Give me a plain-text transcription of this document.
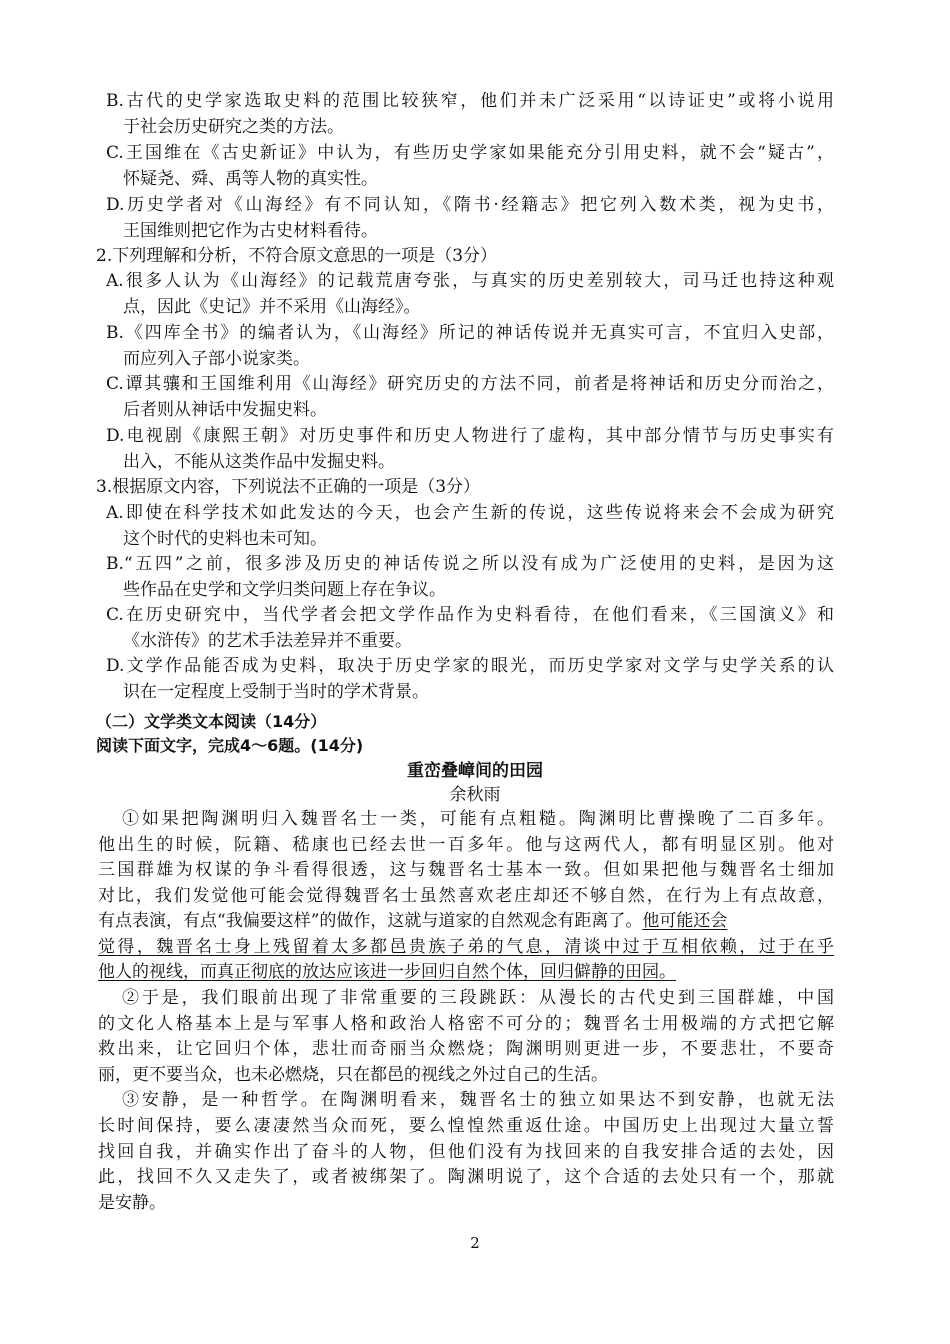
B.古代的史学家选取史料的范围比较狭窄，他们并未广泛采用“以诗证史”或将小说用
于社会历史研究之类的方法。
C.王国维在《古史新证》中认为，有些历史学家如果能充分引用史料，就不会“疑古”，
怀疑尧、舜、禹等人物的真实性。
D.历史学者对《山海经》有不同认知，《隋书·经籍志》把它列入数术类，视为史书，
王国维则把它作为古史材料看待。
2.下列理解和分析，不符合原文意思的一项是（3分）
A.很多人认为《山海经》的记载荒唐夸张，与真实的历史差别较大，司马迁也持这种观
点，因此《史记》并不采用《山海经》。
B.《四库全书》的编者认为，《山海经》所记的神话传说并无真实可言，不宜归入史部，
而应列入子部小说家类。
C.谭其骧和王国维利用《山海经》研究历史的方法不同，前者是将神话和历史分而治之，
后者则从神话中发掘史料。
D.电视剧《康熙王朝》对历史事件和历史人物进行了虚构，其中部分情节与历史事实有
出入，不能从这类作品中发掘史料。
3.根据原文内容，下列说法不正确的一项是（3分）
A.即使在科学技术如此发达的今天，也会产生新的传说，这些传说将来会不会成为研究
这个时代的史料也未可知。
B.“五四”之前，很多涉及历史的神话传说之所以没有成为广泛使用的史料，是因为这
些作品在史学和文学归类问题上存在争议。
C.在历史研究中，当代学者会把文学作品作为史料看待，在他们看来，《三国演义》和
《水浒传》的艺术手法差异并不重要。
D.文学作品能否成为史料，取决于历史学家的眼光，而历史学家对文学与史学关系的认
识在一定程度上受制于当时的学术背景。
（二）文学类文本阅读（14分）
阅读下面文字，完成4～6题。(14分)
重峦叠嶂间的田园
余秋雨
①如果把陶渊明归入魏晋名士一类，可能有点粗糙。陶渊明比曹操晚了二百多年。
他出生的时候，阮籍、嵇康也已经去世一百多年。他与这两代人，都有明显区别。他对
三国群雄为权谋的争斗看得很透，这与魏晋名士基本一致。但如果把他与魏晋名士细加
对比，我们发觉他可能会觉得魏晋名士虽然喜欢老庄却还不够自然，在行为上有点故意，
有点表演，有点“我偏要这样”的做作，这就与道家的自然观念有距离了。他可能还会
觉得，魏晋名士身上残留着太多都邑贵族子弟的气息，清谈中过于互相依赖，过于在乎
他人的视线，而真正彻底的放达应该进一步回归自然个体，回归僻静的田园。
②于是，我们眼前出现了非常重要的三段跳跃：从漫长的古代史到三国群雄，中国
的文化人格基本上是与军事人格和政治人格密不可分的；魏晋名士用极端的方式把它解
救出来，让它回归个体，悲壮而奇丽当众燃烧；陶渊明则更进一步，不要悲壮，不要奇
丽，更不要当众，也未必燃烧，只在都邑的视线之外过自己的生活。
③安静，是一种哲学。在陶渊明看来，魏晋名士的独立如果达不到安静，也就无法
长时间保持，要么凄凄然当众而死，要么惶惶然重返仕途。中国历史上出现过大量立誓
找回自我，并确实作出了奋斗的人物，但他们没有为找回来的自我安排合适的去处，因
此，找回不久又走失了，或者被绑架了。陶渊明说了，这个合适的去处只有一个，那就
是安静。
2
